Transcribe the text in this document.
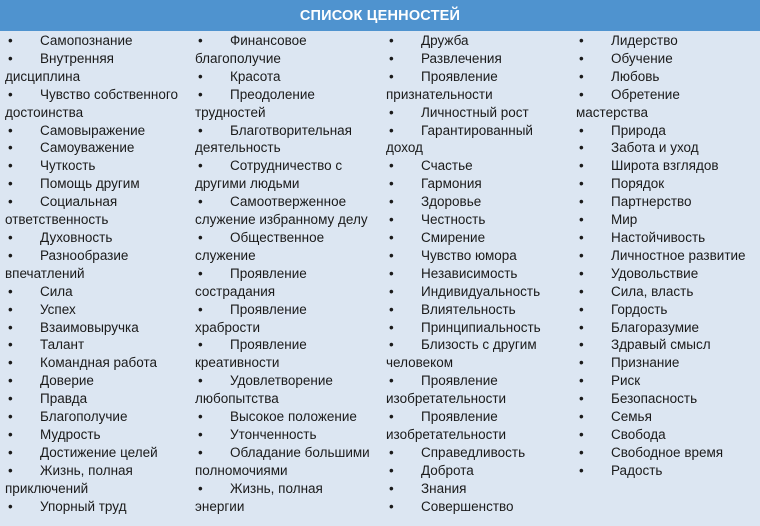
СПИСОК ЦЕННОСТЕЙ
• Самопознание
• Внутренняя
дисциплина
• Чувство собственного
достоинства
• Самовыражение
• Самоуважение
• Чуткость
• Помощь другим
• Социальная
ответственность
• Духовность
• Разнообразие
впечатлений
• Сила
• Успех
• Взаимовыручка
• Талант
• Командная работа
• Доверие
• Правда
• Благополучие
• Мудрость
• Достижение целей
• Жизнь, полная
приключений
• Упорный труд
• Финансовое
благополучие
• Красота
• Преодоление
трудностей
• Благотворительная
деятельность
• Сотрудничество с
другими людьми
• Самоотверженное
служение избранному делу
• Общественное
служение
• Проявление
сострадания
• Проявление
храбрости
• Проявление
креативности
• Удовлетворение
любопытства
• Высокое положение
• Утонченность
• Обладание большими
полномочиями
• Жизнь, полная
энергии
• Дружба
• Развлечения
• Проявление
признательности
• Личностный рост
• Гарантированный
доход
• Счастье
• Гармония
• Здоровье
• Честность
• Смирение
• Чувство юмора
• Независимость
• Индивидуальность
• Влиятельность
• Принципиальность
• Близость с другим
человеком
• Проявление
изобретательности
• Проявление
изобретательности
• Справедливость
• Доброта
• Знания
• Совершенство
• Лидерство
• Обучение
• Любовь
• Обретение
мастерства
• Природа
• Забота и уход
• Широта взглядов
• Порядок
• Партнерство
• Мир
• Настойчивость
• Личностное развитие
• Удовольствие
• Сила, власть
• Гордость
• Благоразумие
• Здравый смысл
• Признание
• Риск
• Безопасность
• Семья
• Свобода
• Свободное время
• Радость
